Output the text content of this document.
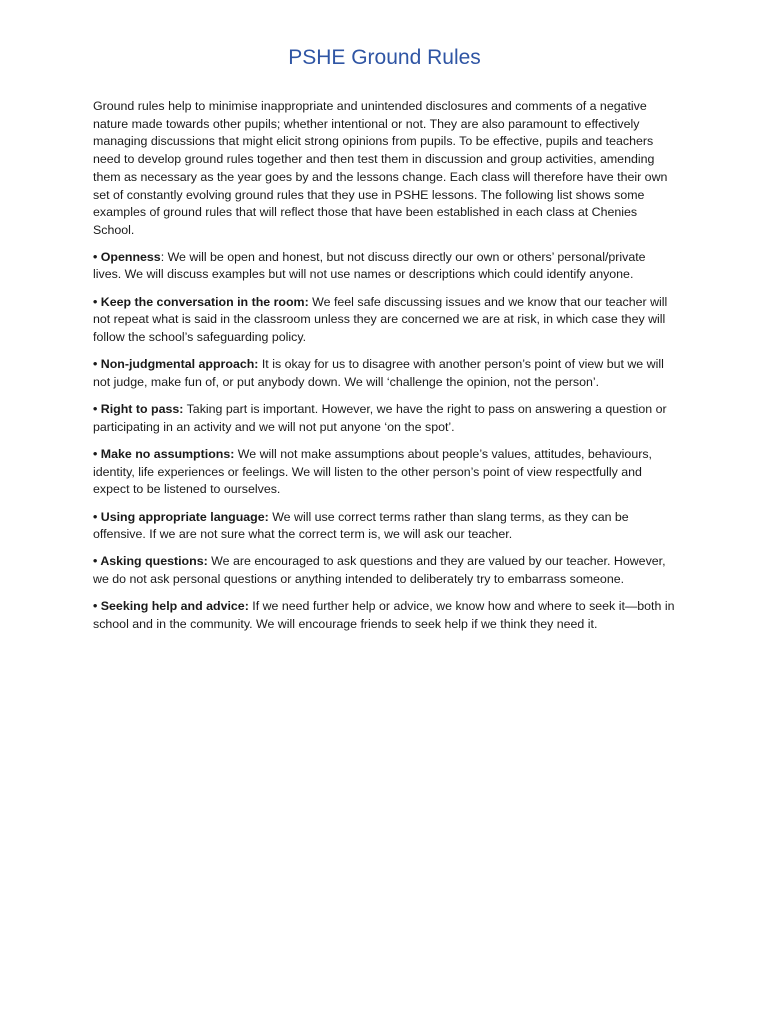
PSHE Ground Rules

Ground rules help to minimise inappropriate and unintended disclosures and comments of a negative nature made towards other pupils; whether intentional or not. They are also paramount to effectively managing discussions that might elicit strong opinions from pupils. To be effective, pupils and teachers need to develop ground rules together and then test them in discussion and group activities, amending them as necessary as the year goes by and the lessons change. Each class will therefore have their own set of constantly evolving ground rules that they use in PSHE lessons. The following list shows some examples of ground rules that will reflect those that have been established in each class at Chenies School.

• Openness: We will be open and honest, but not discuss directly our own or others’ personal/private lives. We will discuss examples but will not use names or descriptions which could identify anyone.

• Keep the conversation in the room: We feel safe discussing issues and we know that our teacher will not repeat what is said in the classroom unless they are concerned we are at risk, in which case they will follow the school’s safeguarding policy.

• Non-judgmental approach: It is okay for us to disagree with another person’s point of view but we will not judge, make fun of, or put anybody down. We will ‘challenge the opinion, not the person’.

• Right to pass: Taking part is important. However, we have the right to pass on answering a question or participating in an activity and we will not put anyone ‘on the spot’.

• Make no assumptions: We will not make assumptions about people’s values, attitudes, behaviours, identity, life experiences or feelings. We will listen to the other person’s point of view respectfully and expect to be listened to ourselves.

• Using appropriate language: We will use correct terms rather than slang terms, as they can be offensive. If we are not sure what the correct term is, we will ask our teacher.

• Asking questions: We are encouraged to ask questions and they are valued by our teacher. However, we do not ask personal questions or anything intended to deliberately try to embarrass someone.

• Seeking help and advice: If we need further help or advice, we know how and where to seek it—both in school and in the community. We will encourage friends to seek help if we think they need it.
